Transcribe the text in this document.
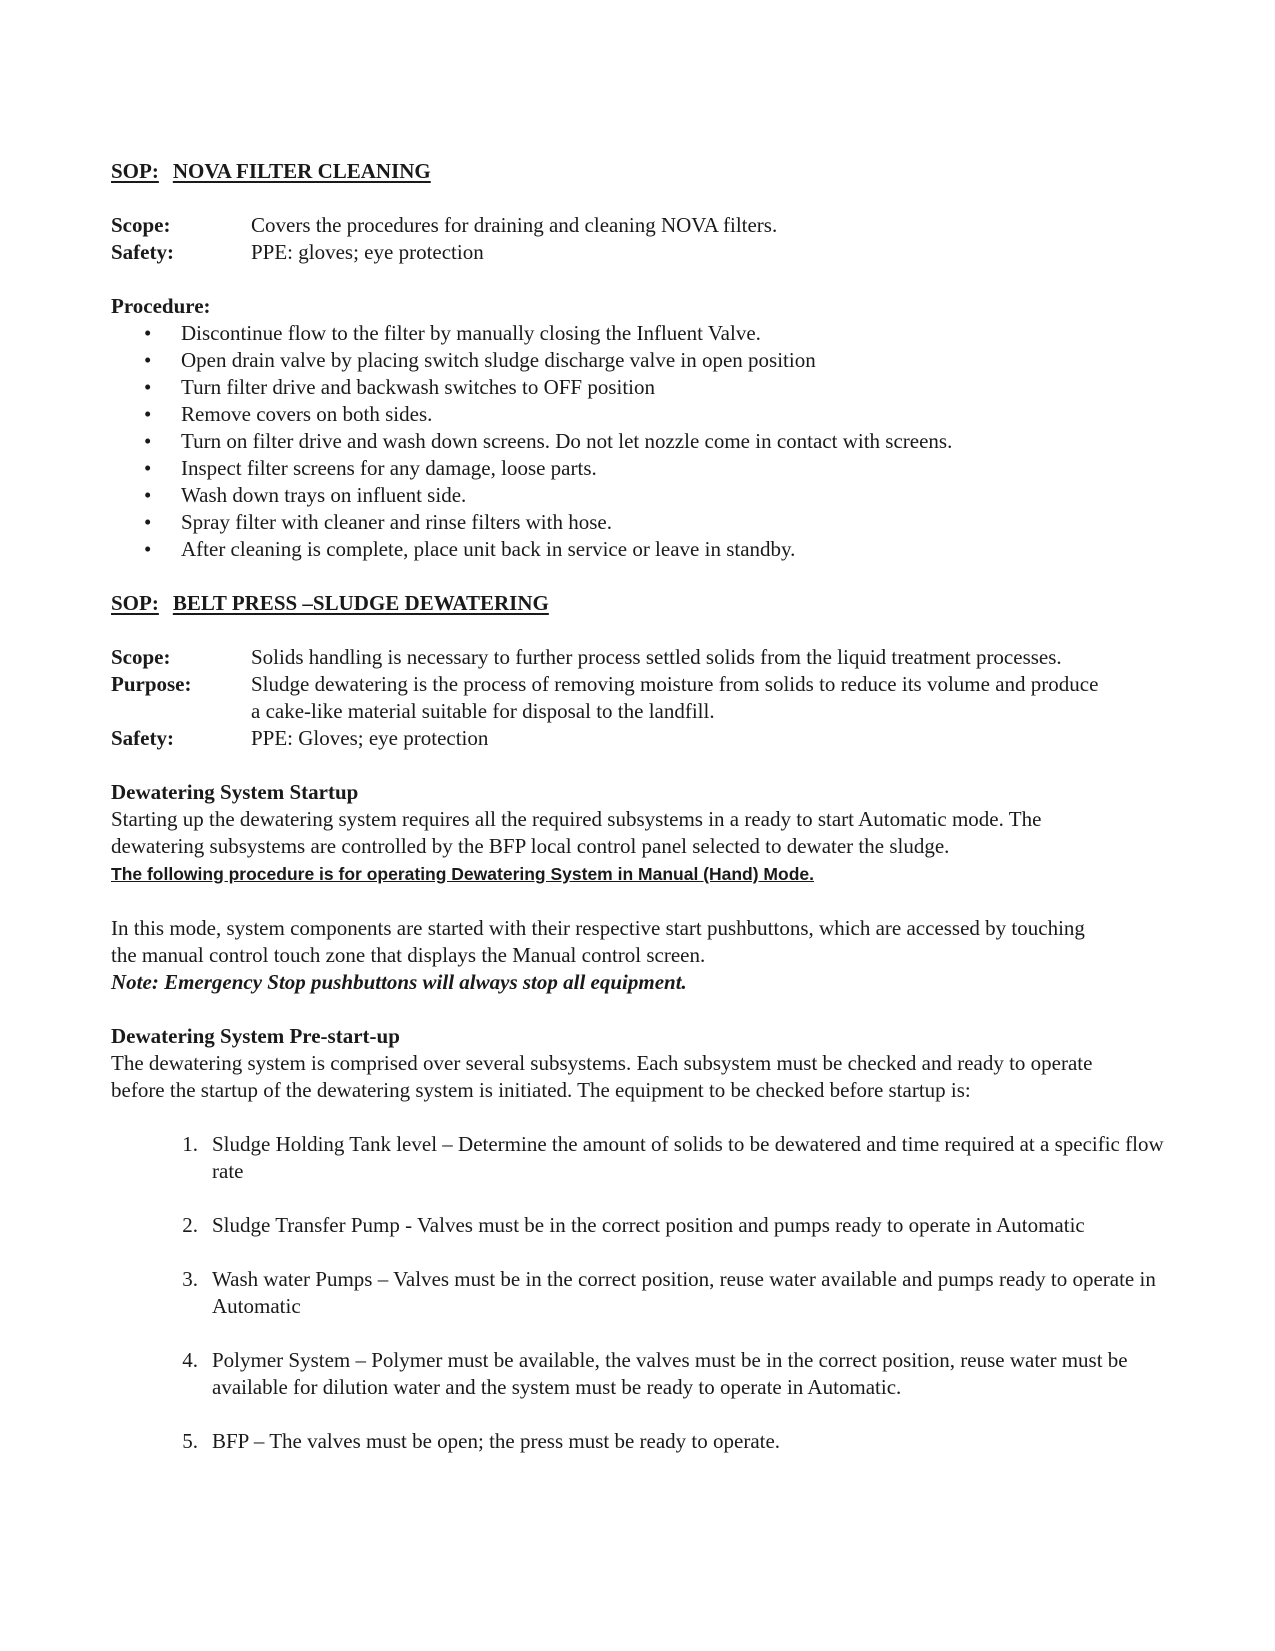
SOP: NOVA FILTER CLEANING

Scope:	Covers the procedures for draining and cleaning NOVA filters.
Safety:	PPE: gloves; eye protection

Procedure:

• Discontinue flow to the filter by manually closing the Influent Valve.
• Open drain valve by placing switch sludge discharge valve in open position
• Turn filter drive and backwash switches to OFF position
• Remove covers on both sides.
• Turn on filter drive and wash down screens. Do not let nozzle come in contact with screens.
• Inspect filter screens for any damage, loose parts.
• Wash down trays on influent side.
• Spray filter with cleaner and rinse filters with hose.
• After cleaning is complete, place unit back in service or leave in standby.

SOP: BELT PRESS –SLUDGE DEWATERING

Scope:	Solids handling is necessary to further process settled solids from the liquid treatment processes.
Purpose:	Sludge dewatering is the process of removing moisture from solids to reduce its volume and produce a cake-like material suitable for disposal to the landfill.
Safety:	PPE: Gloves; eye protection

Dewatering System Startup

Starting up the dewatering system requires all the required subsystems in a ready to start Automatic mode. The dewatering subsystems are controlled by the BFP local control panel selected to dewater the sludge.

The following procedure is for operating Dewatering System in Manual (Hand) Mode.

In this mode, system components are started with their respective start pushbuttons, which are accessed by touching the manual control touch zone that displays the Manual control screen.

Note: Emergency Stop pushbuttons will always stop all equipment.

Dewatering System Pre-start-up

The dewatering system is comprised over several subsystems. Each subsystem must be checked and ready to operate before the startup of the dewatering system is initiated. The equipment to be checked before startup is:

1. Sludge Holding Tank level – Determine the amount of solids to be dewatered and time required at a specific flow rate
2. Sludge Transfer Pump - Valves must be in the correct position and pumps ready to operate in Automatic
3. Wash water Pumps – Valves must be in the correct position, reuse water available and pumps ready to operate in Automatic
4. Polymer System – Polymer must be available, the valves must be in the correct position, reuse water must be available for dilution water and the system must be ready to operate in Automatic.
5. BFP – The valves must be open; the press must be ready to operate.
